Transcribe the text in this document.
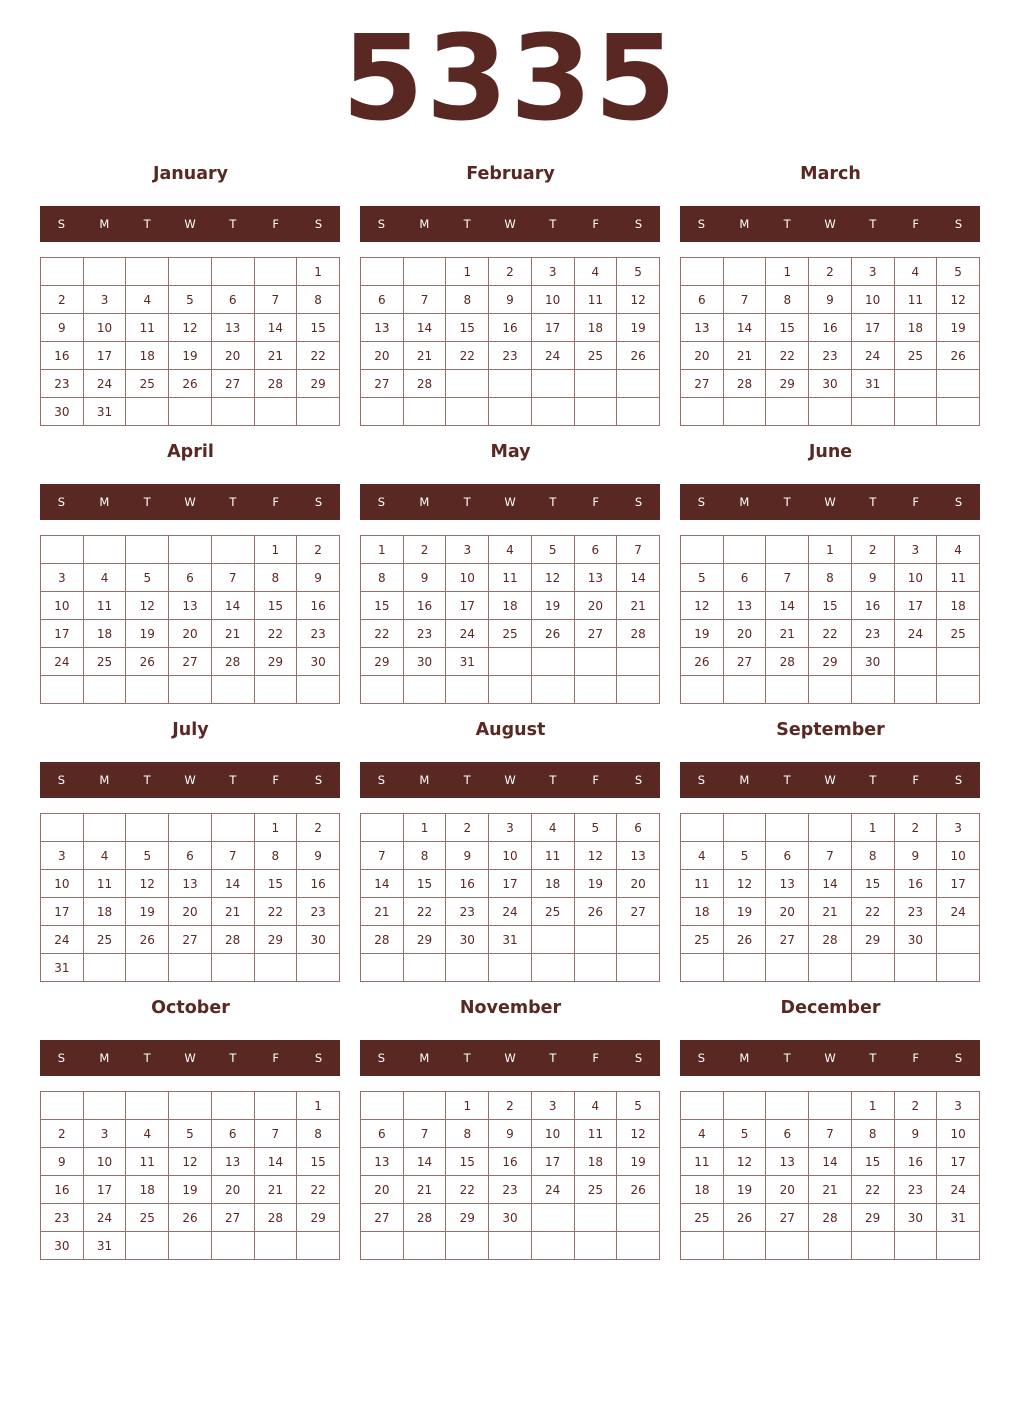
5335
January
S	M	T	W	T	F	S
						1
2	3	4	5	6	7	8
9	10	11	12	13	14	15
16	17	18	19	20	21	22
23	24	25	26	27	28	29
30	31					
February
S	M	T	W	T	F	S
		1	2	3	4	5
6	7	8	9	10	11	12
13	14	15	16	17	18	19
20	21	22	23	24	25	26
27	28					

March
S	M	T	W	T	F	S
		1	2	3	4	5
6	7	8	9	10	11	12
13	14	15	16	17	18	19
20	21	22	23	24	25	26
27	28	29	30	31		

April
S	M	T	W	T	F	S
					1	2
3	4	5	6	7	8	9
10	11	12	13	14	15	16
17	18	19	20	21	22	23
24	25	26	27	28	29	30

May
S	M	T	W	T	F	S
1	2	3	4	5	6	7
8	9	10	11	12	13	14
15	16	17	18	19	20	21
22	23	24	25	26	27	28
29	30	31				

June
S	M	T	W	T	F	S
			1	2	3	4
5	6	7	8	9	10	11
12	13	14	15	16	17	18
19	20	21	22	23	24	25
26	27	28	29	30		

July
S	M	T	W	T	F	S
					1	2
3	4	5	6	7	8	9
10	11	12	13	14	15	16
17	18	19	20	21	22	23
24	25	26	27	28	29	30
31						
August
S	M	T	W	T	F	S
	1	2	3	4	5	6
7	8	9	10	11	12	13
14	15	16	17	18	19	20
21	22	23	24	25	26	27
28	29	30	31			

September
S	M	T	W	T	F	S
				1	2	3
4	5	6	7	8	9	10
11	12	13	14	15	16	17
18	19	20	21	22	23	24
25	26	27	28	29	30	

October
S	M	T	W	T	F	S
						1
2	3	4	5	6	7	8
9	10	11	12	13	14	15
16	17	18	19	20	21	22
23	24	25	26	27	28	29
30	31					
November
S	M	T	W	T	F	S
		1	2	3	4	5
6	7	8	9	10	11	12
13	14	15	16	17	18	19
20	21	22	23	24	25	26
27	28	29	30			

December
S	M	T	W	T	F	S
				1	2	3
4	5	6	7	8	9	10
11	12	13	14	15	16	17
18	19	20	21	22	23	24
25	26	27	28	29	30	31
